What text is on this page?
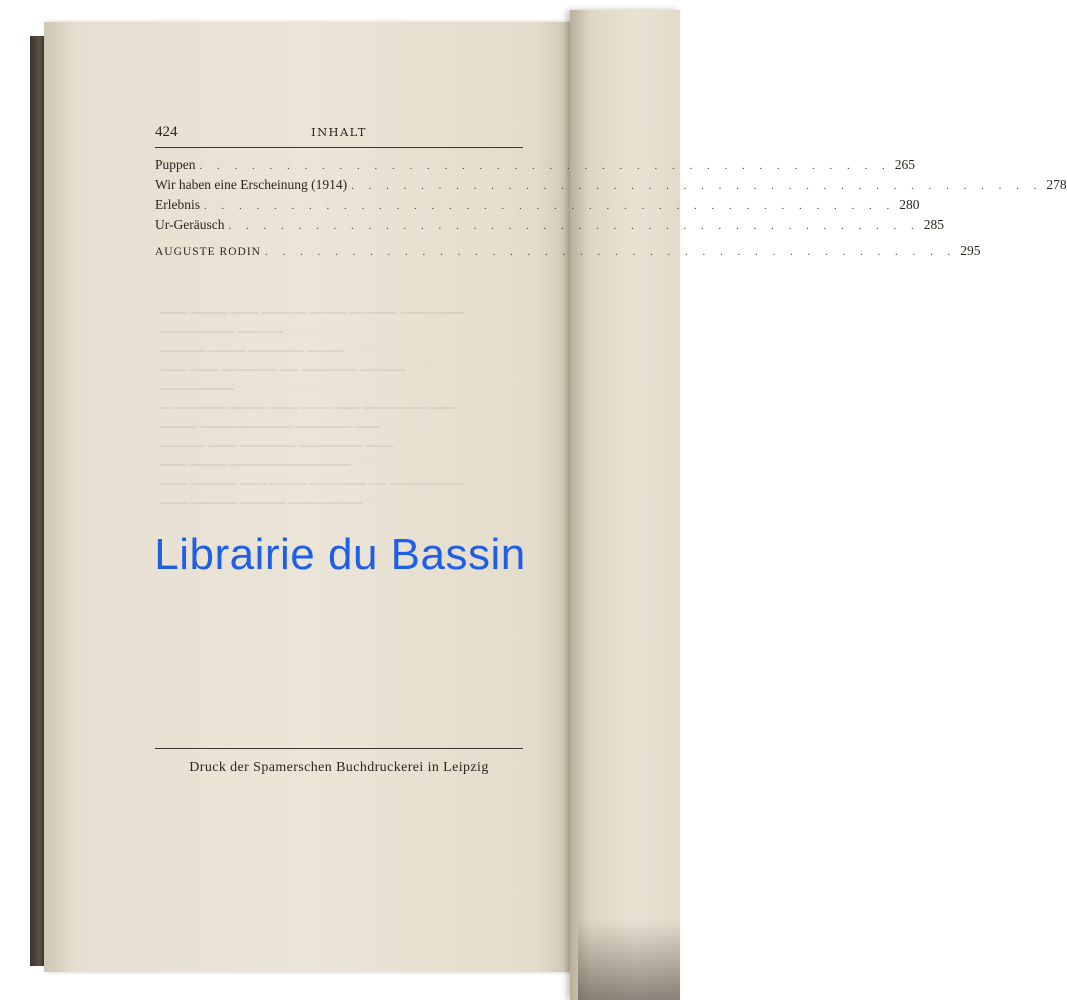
424	INHALT
Puppen . . . . . . . . . . . . . . . . . . . . . . . . . . . . . . . . . . . . . . . . 265
Wir haben eine Erscheinung (1914) . . . . . . . . . . . . . . . . . . . . . . . . . . . . . . . . . . . . . . . . 278
Erlebnis . . . . . . . . . . . . . . . . . . . . . . . . . . . . . . . . . . . . . . . . 280
Ur-Geräusch . . . . . . . . . . . . . . . . . . . . . . . . . . . . . . . . . . . . . . . . 285
AUGUSTE RODIN . . . . . . . . . . . . . . . . . . . . . . . . . . . . . . . . . . . . . . . . 295
▁▁▁ ▁▁▁▁ ▁▁▁ ▁▁▁▁▁ ▁▁▁▁ ▁▁▁▁▁ ▁▁▁▁▁▁▁
▁▁▁▁▁▁▁▁ ▁▁▁▁▁ . . . . . . . . . . . .
▁▁▁▁▁ ▁▁▁▁ ▁▁▁▁▁▁ ▁▁▁▁ . . . . . . . .
▁▁▁ ▁▁▁ ▁▁▁▁▁▁ ▁▁ ▁▁▁▁▁▁ ▁▁▁▁▁ . . . .
▁▁▁▁▁▁▁▁ . . . . . . . . . . . . . . .
▁ ▁▁▁▁▁▁ ▁▁▁▁ ▁▁▁ ▁▁▁ ▁▁▁ ▁▁▁▁▁▁▁ ▁▁▁
▁▁▁▁ ▁▁▁▁▁▁▁▁▁▁ ▁▁▁▁▁▁ ▁▁▁ . . . . . .
▁▁▁▁▁ ▁▁▁ ▁▁▁▁▁▁ ▁▁▁▁▁▁▁ ▁▁▁ . . . . .
▁▁▁ ▁▁▁▁ ▁▁▁▁▁▁▁▁▁▁▁▁▁ . . . . . . . .
▁▁▁ ▁▁▁▁▁ ▁▁▁ ▁▁▁▁ ▁▁▁▁▁▁ ▁▁ ▁▁▁▁▁▁▁▁
▁▁▁ ▁▁▁▁▁ ▁▁▁▁▁ ▁▁▁▁▁▁▁▁ . . . . . . .
Librairie du Bassin
Druck der Spamerschen Buchdruckerei in Leipzig
